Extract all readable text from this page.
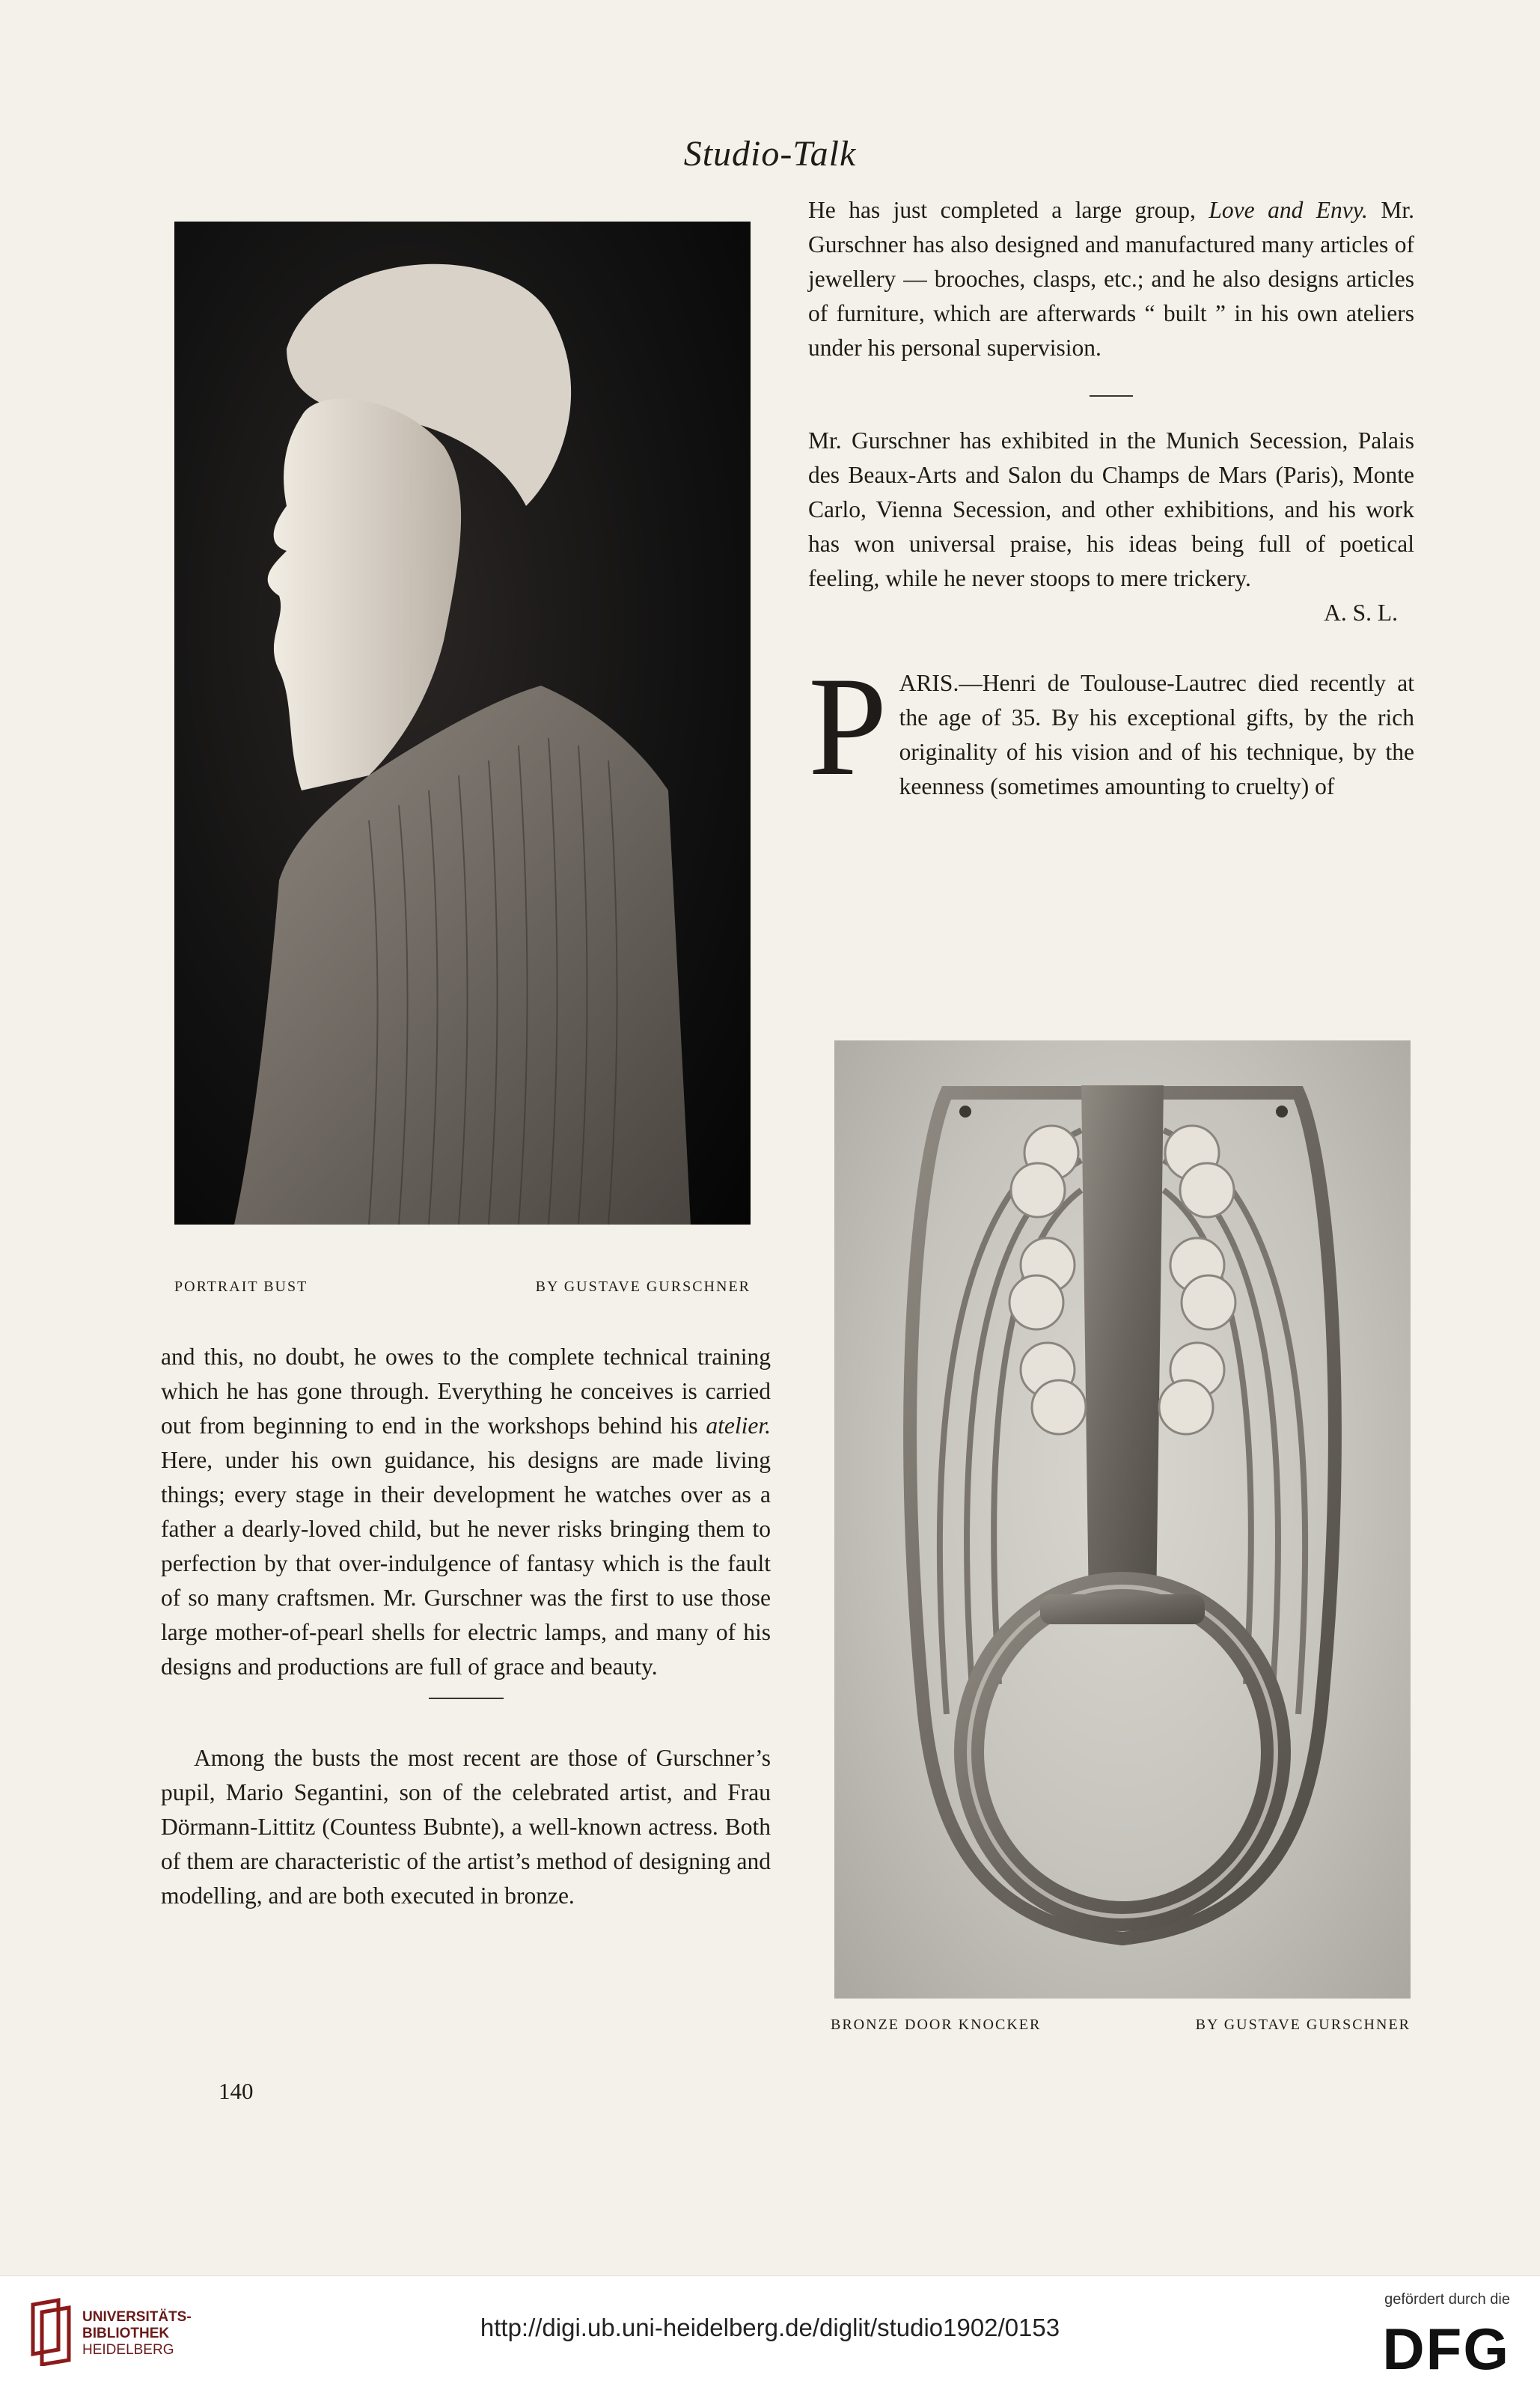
Studio-Talk
PORTRAIT BUST	BY GUSTAVE GURSCHNER

He has just completed a large group, Love and Envy. Mr. Gurschner has also designed and manufactured many articles of jewellery — brooches, clasps, etc.; and he also designs articles of furniture, which are afterwards “ built ” in his own ateliers under his personal supervision.

Mr. Gurschner has exhibited in the Munich Secession, Palais des Beaux-Arts and Salon du Champs de Mars (Paris), Monte Carlo, Vienna Secession, and other exhibitions, and his work has won universal praise, his ideas being full of poetical feeling, while he never stoops to mere trickery.

A. S. L.

PARIS.—Henri de Toulouse-Lautrec died recently at the age of 35. By his exceptional gifts, by the rich originality of his vision and of his technique, by the keenness (sometimes amounting to cruelty) of

and this, no doubt, he owes to the complete technical training which he has gone through. Everything he conceives is carried out from beginning to end in the workshops behind his atelier. Here, under his own guidance, his designs are made living things; every stage in their development he watches over as a father a dearly-loved child, but he never risks bringing them to perfection by that over-indulgence of fantasy which is the fault of so many craftsmen. Mr. Gurschner was the first to use those large mother-of-pearl shells for electric lamps, and many of his designs and productions are full of grace and beauty.

Among the busts the most recent are those of Gurschner’s pupil, Mario Segantini, son of the celebrated artist, and Frau Dörmann-Littitz (Countess Bubnte), a well-known actress. Both of them are characteristic of the artist’s method of designing and modelling, and are both executed in bronze.

140
BRONZE DOOR KNOCKER	BY GUSTAVE GURSCHNER
UNIVERSITÄTS-
BIBLIOTHEK
HEIDELBERG
http://digi.ub.uni-heidelberg.de/diglit/studio1902/0153
gefördert durch die
DFG
